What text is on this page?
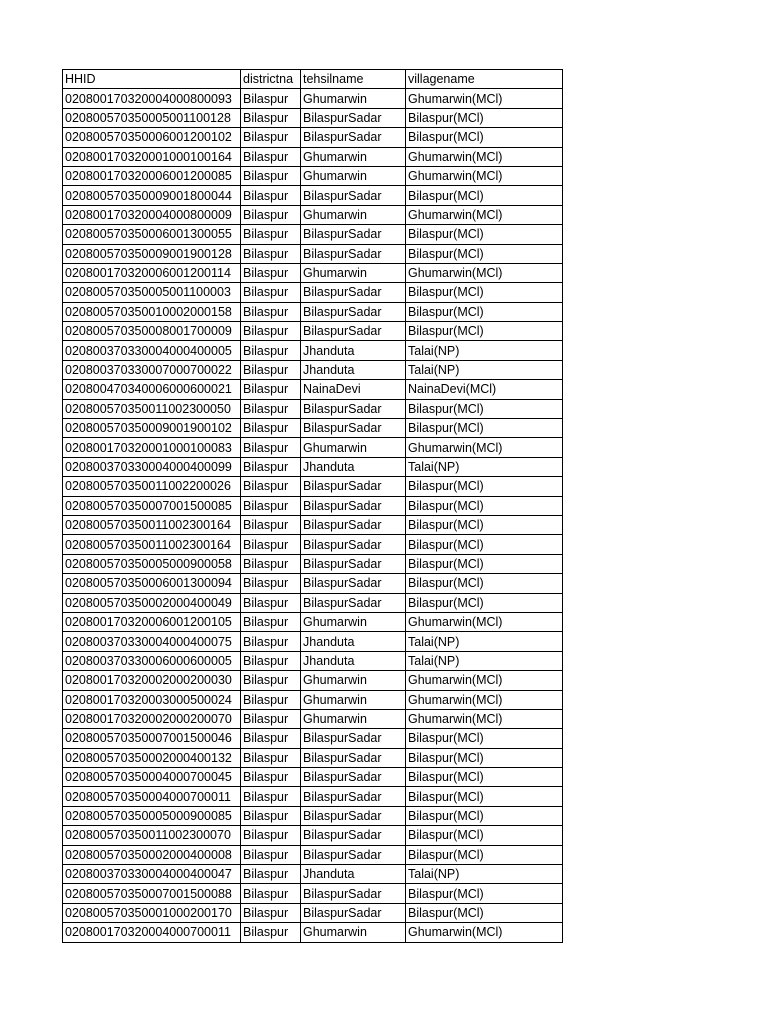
HHID	districtna	tehsilname	villagename
020800170320004000800093	Bilaspur	Ghumarwin	Ghumarwin(MCl)
020800570350005001100128	Bilaspur	BilaspurSadar	Bilaspur(MCl)
020800570350006001200102	Bilaspur	BilaspurSadar	Bilaspur(MCl)
020800170320001000100164	Bilaspur	Ghumarwin	Ghumarwin(MCl)
020800170320006001200085	Bilaspur	Ghumarwin	Ghumarwin(MCl)
020800570350009001800044	Bilaspur	BilaspurSadar	Bilaspur(MCl)
020800170320004000800009	Bilaspur	Ghumarwin	Ghumarwin(MCl)
020800570350006001300055	Bilaspur	BilaspurSadar	Bilaspur(MCl)
020800570350009001900128	Bilaspur	BilaspurSadar	Bilaspur(MCl)
020800170320006001200114	Bilaspur	Ghumarwin	Ghumarwin(MCl)
020800570350005001100003	Bilaspur	BilaspurSadar	Bilaspur(MCl)
020800570350010002000158	Bilaspur	BilaspurSadar	Bilaspur(MCl)
020800570350008001700009	Bilaspur	BilaspurSadar	Bilaspur(MCl)
020800370330004000400005	Bilaspur	Jhanduta	Talai(NP)
020800370330007000700022	Bilaspur	Jhanduta	Talai(NP)
020800470340006000600021	Bilaspur	NainaDevi	NainaDevi(MCl)
020800570350011002300050	Bilaspur	BilaspurSadar	Bilaspur(MCl)
020800570350009001900102	Bilaspur	BilaspurSadar	Bilaspur(MCl)
020800170320001000100083	Bilaspur	Ghumarwin	Ghumarwin(MCl)
020800370330004000400099	Bilaspur	Jhanduta	Talai(NP)
020800570350011002200026	Bilaspur	BilaspurSadar	Bilaspur(MCl)
020800570350007001500085	Bilaspur	BilaspurSadar	Bilaspur(MCl)
020800570350011002300164	Bilaspur	BilaspurSadar	Bilaspur(MCl)
020800570350011002300164	Bilaspur	BilaspurSadar	Bilaspur(MCl)
020800570350005000900058	Bilaspur	BilaspurSadar	Bilaspur(MCl)
020800570350006001300094	Bilaspur	BilaspurSadar	Bilaspur(MCl)
020800570350002000400049	Bilaspur	BilaspurSadar	Bilaspur(MCl)
020800170320006001200105	Bilaspur	Ghumarwin	Ghumarwin(MCl)
020800370330004000400075	Bilaspur	Jhanduta	Talai(NP)
020800370330006000600005	Bilaspur	Jhanduta	Talai(NP)
020800170320002000200030	Bilaspur	Ghumarwin	Ghumarwin(MCl)
020800170320003000500024	Bilaspur	Ghumarwin	Ghumarwin(MCl)
020800170320002000200070	Bilaspur	Ghumarwin	Ghumarwin(MCl)
020800570350007001500046	Bilaspur	BilaspurSadar	Bilaspur(MCl)
020800570350002000400132	Bilaspur	BilaspurSadar	Bilaspur(MCl)
020800570350004000700045	Bilaspur	BilaspurSadar	Bilaspur(MCl)
020800570350004000700011	Bilaspur	BilaspurSadar	Bilaspur(MCl)
020800570350005000900085	Bilaspur	BilaspurSadar	Bilaspur(MCl)
020800570350011002300070	Bilaspur	BilaspurSadar	Bilaspur(MCl)
020800570350002000400008	Bilaspur	BilaspurSadar	Bilaspur(MCl)
020800370330004000400047	Bilaspur	Jhanduta	Talai(NP)
020800570350007001500088	Bilaspur	BilaspurSadar	Bilaspur(MCl)
020800570350001000200170	Bilaspur	BilaspurSadar	Bilaspur(MCl)
020800170320004000700011	Bilaspur	Ghumarwin	Ghumarwin(MCl)
